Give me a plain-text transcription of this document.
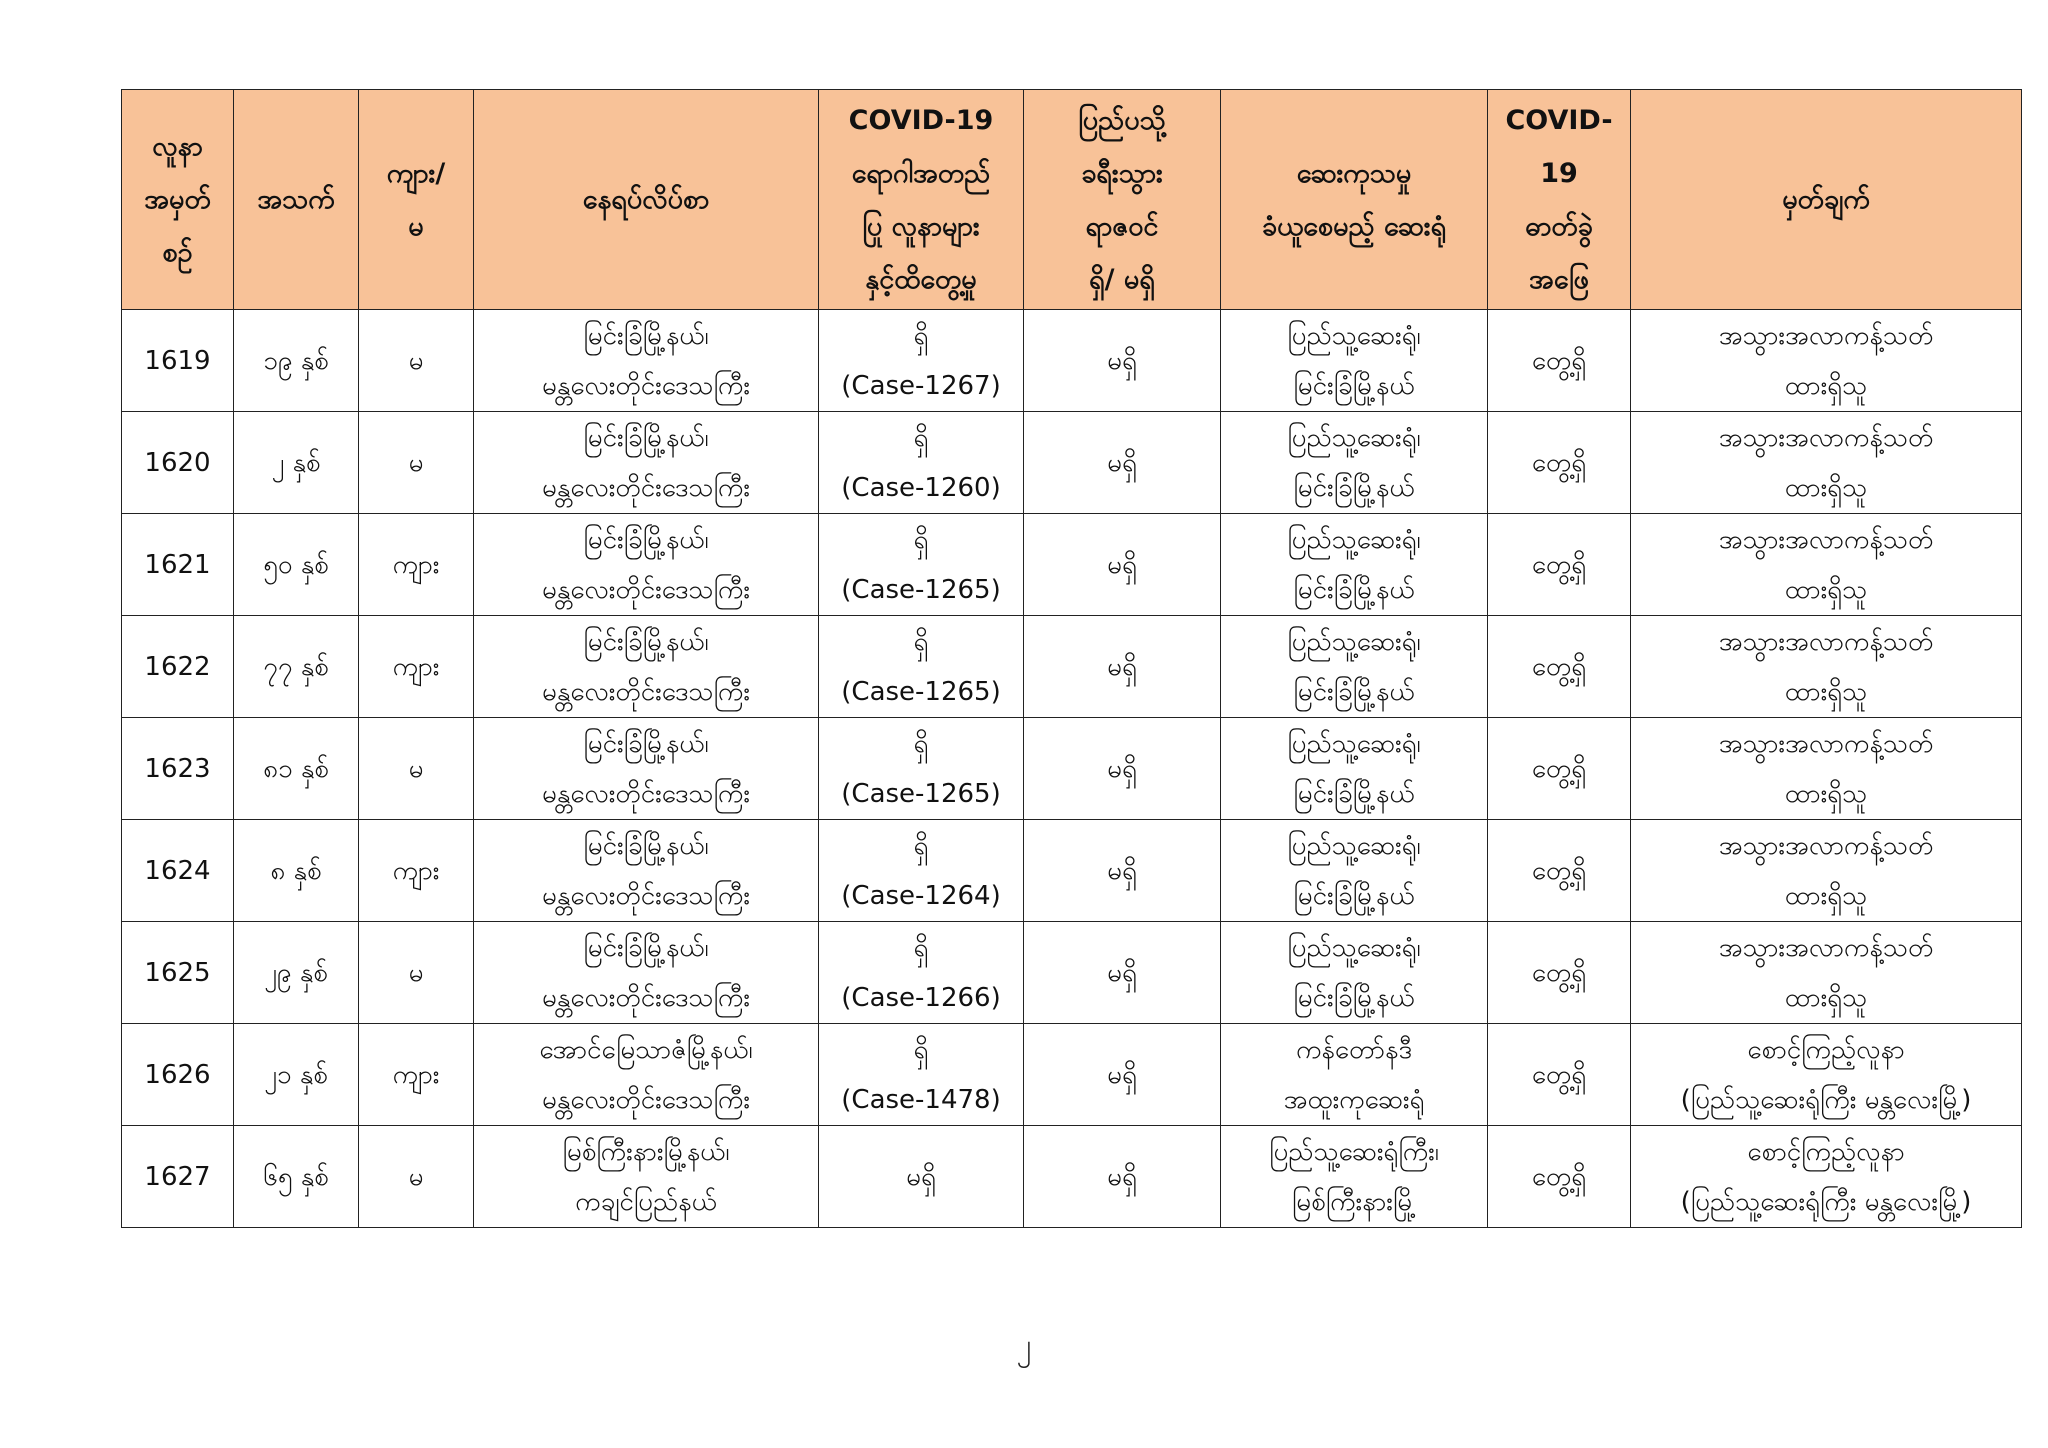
လူနာ
အမှတ်
စဉ်	အသက်	ကျား/
မ	နေရပ်လိပ်စာ	COVID-19
ရောဂါအတည်
ပြု လူနာများ
နှင့်ထိတွေ့မှု	ပြည်ပသို့
ခရီးသွား
ရာဇဝင်
ရှိ/ မရှိ	ဆေးကုသမှု
ခံယူစေမည့် ဆေးရုံ	COVID-
19
ဓာတ်ခွဲ
အဖြေ	မှတ်ချက်

1619	၁၉ နှစ်	မ	မြင်းခြံမြို့နယ်၊
မန္တလေးတိုင်းဒေသကြီး	ရှိ
(Case-1267)	မရှိ	ပြည်သူ့ဆေးရုံ၊
မြင်းခြံမြို့နယ်	တွေ့ရှိ	အသွားအလာကန့်သတ်
ထားရှိသူ

1620	၂ နှစ်	မ	မြင်းခြံမြို့နယ်၊
မန္တလေးတိုင်းဒေသကြီး	ရှိ
(Case-1260)	မရှိ	ပြည်သူ့ဆေးရုံ၊
မြင်းခြံမြို့နယ်	တွေ့ရှိ	အသွားအလာကန့်သတ်
ထားရှိသူ

1621	၅၀ နှစ်	ကျား	မြင်းခြံမြို့နယ်၊
မန္တလေးတိုင်းဒေသကြီး	ရှိ
(Case-1265)	မရှိ	ပြည်သူ့ဆေးရုံ၊
မြင်းခြံမြို့နယ်	တွေ့ရှိ	အသွားအလာကန့်သတ်
ထားရှိသူ

1622	၇၇ နှစ်	ကျား	မြင်းခြံမြို့နယ်၊
မန္တလေးတိုင်းဒေသကြီး	ရှိ
(Case-1265)	မရှိ	ပြည်သူ့ဆေးရုံ၊
မြင်းခြံမြို့နယ်	တွေ့ရှိ	အသွားအလာကန့်သတ်
ထားရှိသူ

1623	၈၁ နှစ်	မ	မြင်းခြံမြို့နယ်၊
မန္တလေးတိုင်းဒေသကြီး	ရှိ
(Case-1265)	မရှိ	ပြည်သူ့ဆေးရုံ၊
မြင်းခြံမြို့နယ်	တွေ့ရှိ	အသွားအလာကန့်သတ်
ထားရှိသူ

1624	၈ နှစ်	ကျား	မြင်းခြံမြို့နယ်၊
မန္တလေးတိုင်းဒေသကြီး	ရှိ
(Case-1264)	မရှိ	ပြည်သူ့ဆေးရုံ၊
မြင်းခြံမြို့နယ်	တွေ့ရှိ	အသွားအလာကန့်သတ်
ထားရှိသူ

1625	၂၉ နှစ်	မ	မြင်းခြံမြို့နယ်၊
မန္တလေးတိုင်းဒေသကြီး	ရှိ
(Case-1266)	မရှိ	ပြည်သူ့ဆေးရုံ၊
မြင်းခြံမြို့နယ်	တွေ့ရှိ	အသွားအလာကန့်သတ်
ထားရှိသူ

1626	၂၁ နှစ်	ကျား	အောင်မြေသာဇံမြို့နယ်၊
မန္တလေးတိုင်းဒေသကြီး	ရှိ
(Case-1478)	မရှိ	ကန်တော်နဒီ
အထူးကုဆေးရုံ	တွေ့ရှိ	စောင့်ကြည့်လူနာ
(ပြည်သူ့ဆေးရုံကြီး မန္တလေးမြို့)

1627	၆၅ နှစ်	မ	မြစ်ကြီးနားမြို့နယ်၊
ကချင်ပြည်နယ်	မရှိ	မရှိ	ပြည်သူ့ဆေးရုံကြီး၊
မြစ်ကြီးနားမြို့	တွေ့ရှိ	စောင့်ကြည့်လူနာ
(ပြည်သူ့ဆေးရုံကြီး မန္တလေးမြို့)
၂
